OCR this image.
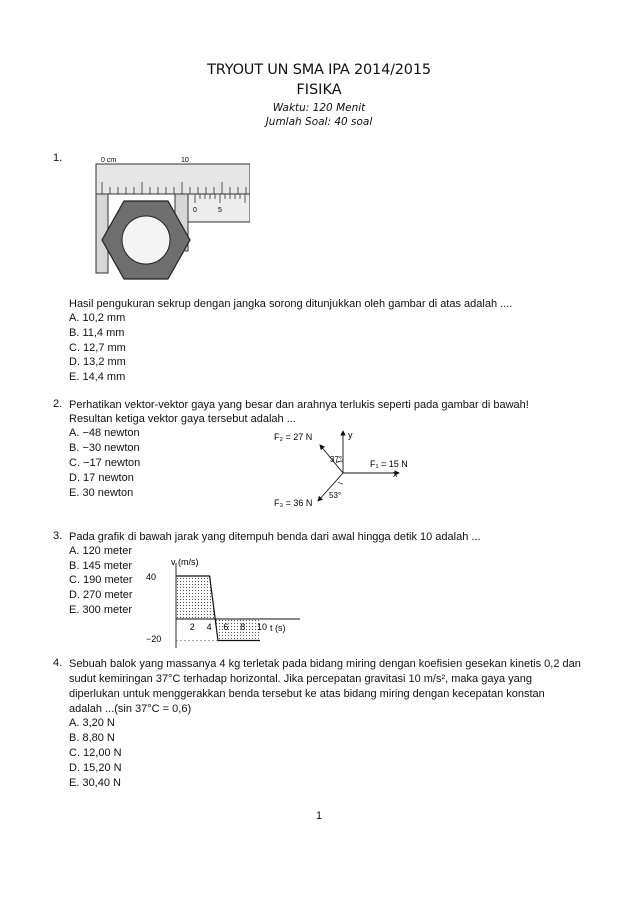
TRYOUT UN SMA IPA 2014/2015
FISIKA
Waktu: 120 Menit
Jumlah Soal: 40 soal
1.	0 cm	10
0	5
Hasil pengukuran sekrup dengan jangka sorong ditunjukkan oleh gambar di atas adalah ....
A. 10,2 mm
B. 11,4 mm
C. 12,7 mm
D. 13,2 mm
E. 14,4 mm
2. Perhatikan vektor-vektor gaya yang besar dan arahnya terlukis seperti pada gambar di bawah!
Resultan ketiga vektor gaya tersebut adalah ...
A. −48 newton
B. −30 newton
C. −17 newton
D. 17 newton
E. 30 newton
F₂ = 27 N	y
37°	F₁ = 15 N
x
53°
F₃ = 36 N
3. Pada grafik di bawah jarak yang ditempuh benda dari awal hingga detik 10 adalah ...
A. 120 meter
B. 145 meter
C. 190 meter
D. 270 meter
E. 300 meter
2 4 6 8 10
v (m/s)
t (s)
40
−20
4. Sebuah balok yang massanya 4 kg terletak pada bidang miring dengan koefisien gesekan kinetis 0,2 dan
sudut kemiringan 37°C terhadap horizontal. Jika percepatan gravitasi 10 m/s², maka gaya yang
diperlukan untuk menggerakkan benda tersebut ke atas bidang miring dengan kecepatan konstan
adalah ...(sin 37°C = 0,6)
A. 3,20 N
B. 8,80 N
C. 12,00 N
D. 15,20 N
E. 30,40 N
1
